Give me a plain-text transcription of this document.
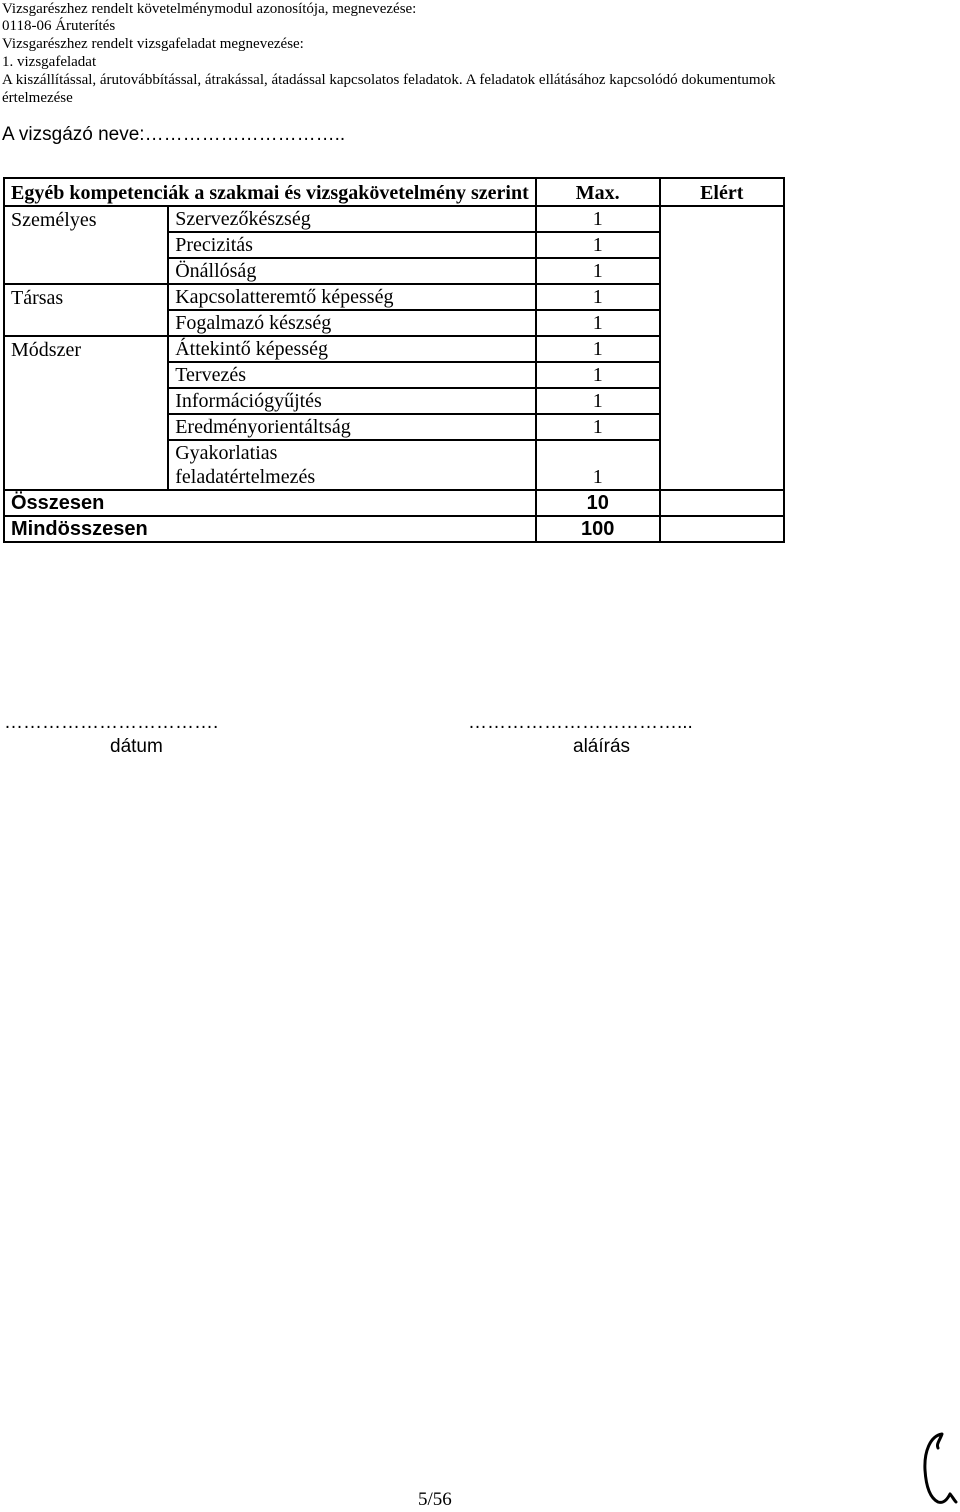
Vizsgarészhez rendelt követelménymodul azonosítója, megnevezése:
0118-06 Áruterítés
Vizsgarészhez rendelt vizsgafeladat megnevezése:
1. vizsgafeladat
A kiszállítással, árutovábbítással, átrakással, átadással kapcsolatos feladatok. A feladatok ellátásához kapcsolódó dokumentumok
értelmezése
A vizsgázó neve:…………………………..
Egyéb kompetenciák a szakmai és vizsgakövetelmény szerint		Max.	Elért
Személyes	Szervezőkészség	1	
	Precizitás	1	
	Önállóság	1	
Társas	Kapcsolatteremtő képesség	1	
	Fogalmazó készség	1	
Módszer	Áttekintő képesség	1	
	Tervezés	1	
	Információgyűjtés	1	
	Eredményorientáltság	1	
	Gyakorlatias
feladatértelmezés	1	
Összesen		10	
Mindösszesen		100	
…………………………….
dátum
……………………………...
aláírás
5/56
